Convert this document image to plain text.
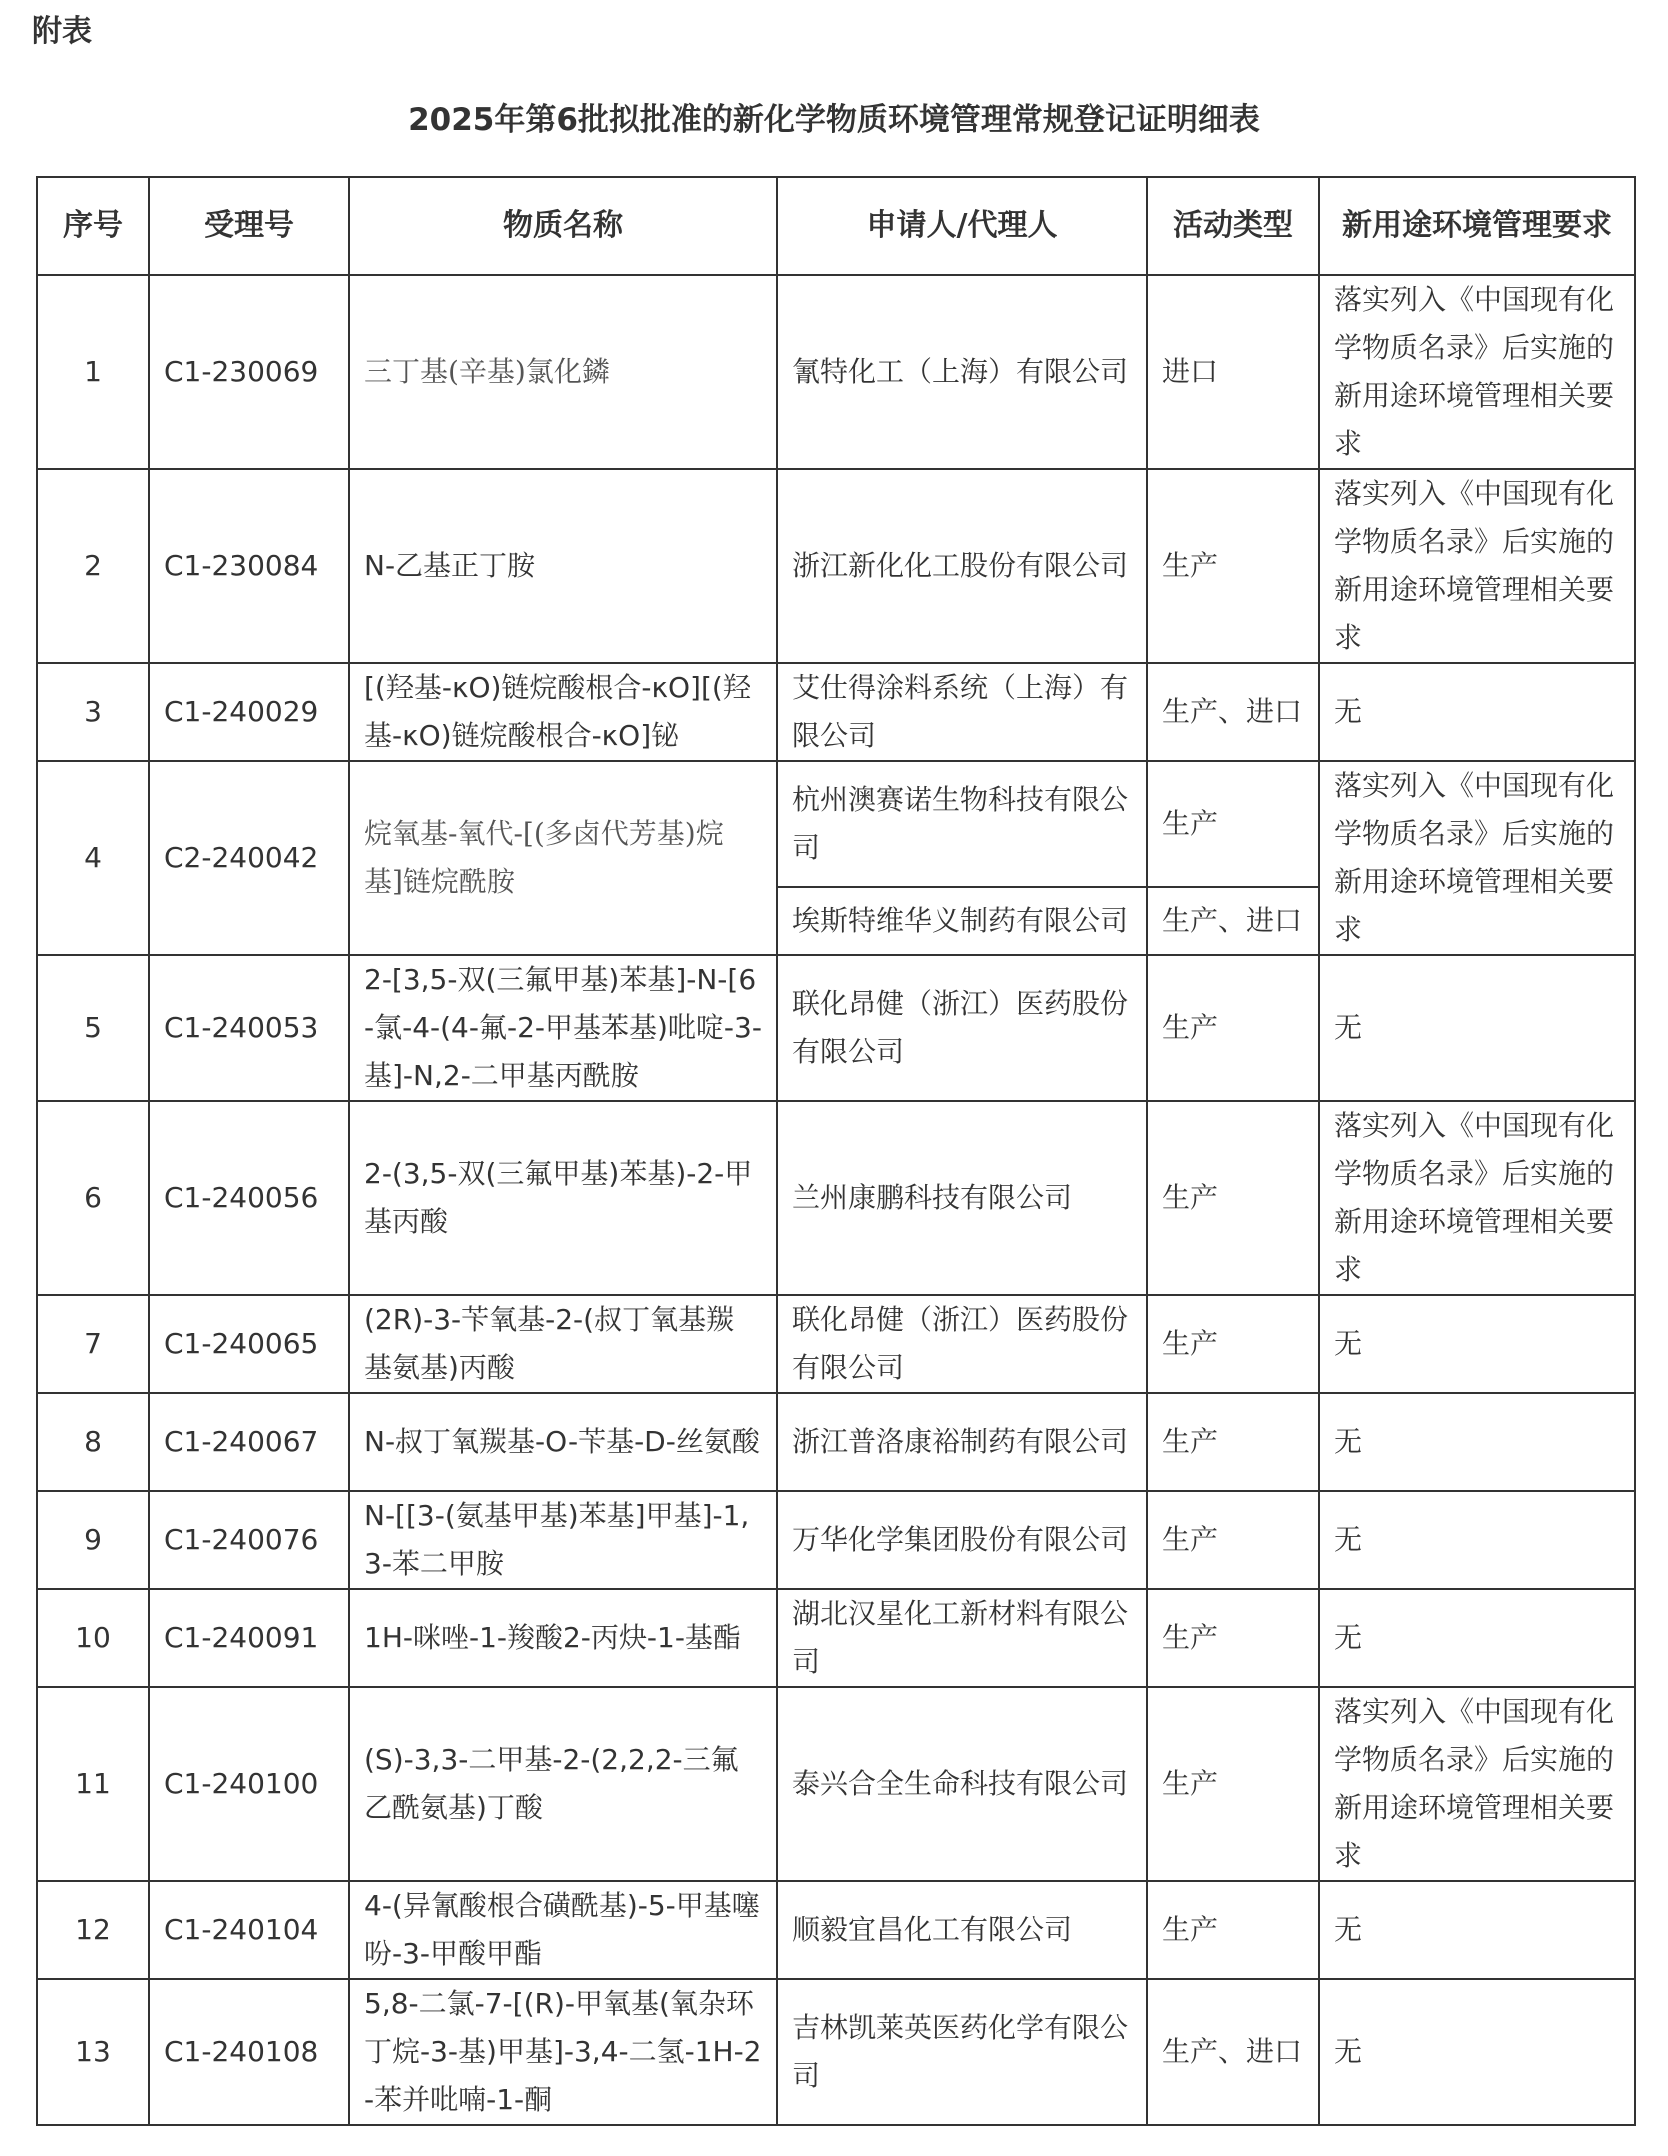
附表
2025年第6批拟批准的新化学物质环境管理常规登记证明细表
序号	受理号	物质名称	申请人/代理人	活动类型	新用途环境管理要求
1	C1-230069	三丁基(辛基)氯化鏻	氰特化工（上海）有限公司	进口	落实列入《中国现有化学物质名录》后实施的新用途环境管理相关要求
2	C1-230084	N-乙基正丁胺	浙江新化化工股份有限公司	生产	落实列入《中国现有化学物质名录》后实施的新用途环境管理相关要求
3	C1-240029	[(羟基-κO)链烷酸根合-κO][(羟基-κO)链烷酸根合-κO]铋	艾仕得涂料系统（上海）有限公司	生产、进口	无
4	C2-240042	烷氧基-氧代-[(多卤代芳基)烷基]链烷酰胺	杭州澳赛诺生物科技有限公司	生产	落实列入《中国现有化学物质名录》后实施的新用途环境管理相关要求
			埃斯特维华义制药有限公司	生产、进口	
5	C1-240053	2-[3,5-双(三氟甲基)苯基]-N-[6-氯-4-(4-氟-2-甲基苯基)吡啶-3-基]-N,2-二甲基丙酰胺	联化昂健（浙江）医药股份有限公司	生产	无
6	C1-240056	2-(3,5-双(三氟甲基)苯基)-2-甲基丙酸	兰州康鹏科技有限公司	生产	落实列入《中国现有化学物质名录》后实施的新用途环境管理相关要求
7	C1-240065	(2R)-3-苄氧基-2-(叔丁氧基羰基氨基)丙酸	联化昂健（浙江）医药股份有限公司	生产	无
8	C1-240067	N-叔丁氧羰基-O-苄基-D-丝氨酸	浙江普洛康裕制药有限公司	生产	无
9	C1-240076	N-[[3-(氨基甲基)苯基]甲基]-1,3-苯二甲胺	万华化学集团股份有限公司	生产	无
10	C1-240091	1H-咪唑-1-羧酸2-丙炔-1-基酯	湖北汉星化工新材料有限公司	生产	无
11	C1-240100	(S)-3,3-二甲基-2-(2,2,2-三氟乙酰氨基)丁酸	泰兴合全生命科技有限公司	生产	落实列入《中国现有化学物质名录》后实施的新用途环境管理相关要求
12	C1-240104	4-(异氰酸根合磺酰基)-5-甲基噻吩-3-甲酸甲酯	顺毅宜昌化工有限公司	生产	无
13	C1-240108	5,8-二氯-7-[(R)-甲氧基(氧杂环丁烷-3-基)甲基]-3,4-二氢-1H-2-苯并吡喃-1-酮	吉林凯莱英医药化学有限公司	生产、进口	无
